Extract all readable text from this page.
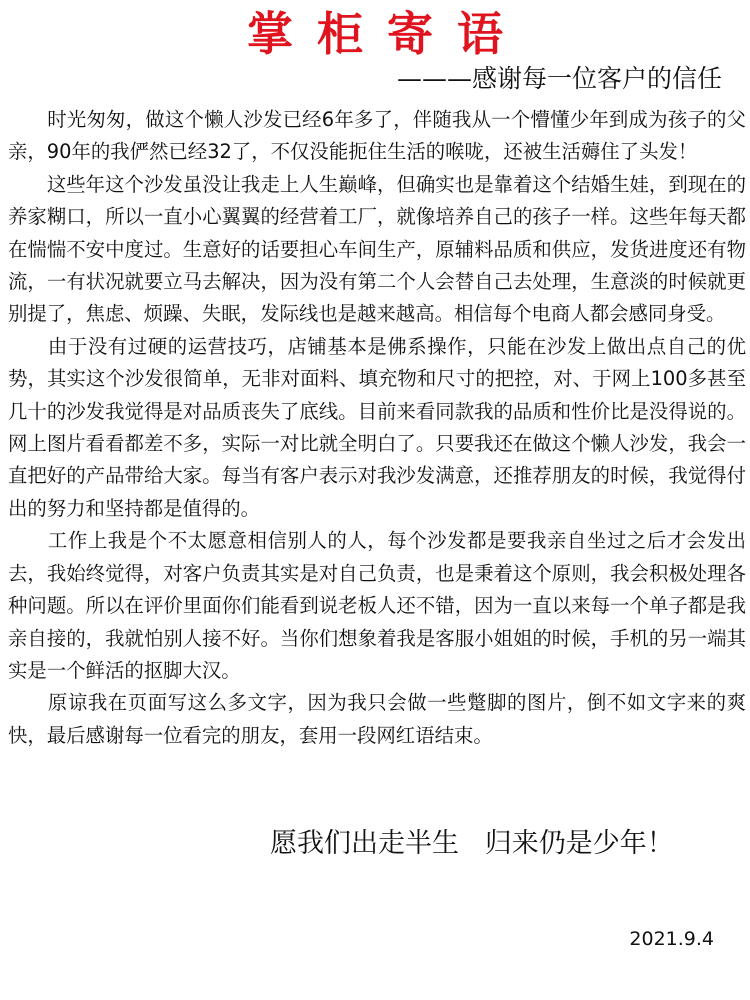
掌柜寄语
———感谢每一位客户的信任

　　时光匆匆，做这个懒人沙发已经6年多了，伴随我从一个懵懂少年到成为孩子的父亲，90年的我俨然已经32了，不仅没能扼住生活的喉咙，还被生活薅住了头发！

　　这些年这个沙发虽没让我走上人生巅峰，但确实也是靠着这个结婚生娃，到现在的养家糊口，所以一直小心翼翼的经营着工厂，就像培养自己的孩子一样。这些年每天都在惴惴不安中度过。生意好的话要担心车间生产，原辅料品质和供应，发货进度还有物流，一有状况就要立马去解决，因为没有第二个人会替自己去处理，生意淡的时候就更别提了，焦虑、烦躁、失眠，发际线也是越来越高。相信每个电商人都会感同身受。

　　由于没有过硬的运营技巧，店铺基本是佛系操作，只能在沙发上做出点自己的优势，其实这个沙发很简单，无非对面料、填充物和尺寸的把控，对、于网上100多甚至几十的沙发我觉得是对品质丧失了底线。目前来看同款我的品质和性价比是没得说的。网上图片看看都差不多，实际一对比就全明白了。只要我还在做这个懒人沙发，我会一直把好的产品带给大家。每当有客户表示对我沙发满意，还推荐朋友的时候，我觉得付出的努力和坚持都是值得的。

　　工作上我是个不太愿意相信别人的人，每个沙发都是要我亲自坐过之后才会发出去，我始终觉得，对客户负责其实是对自己负责，也是秉着这个原则，我会积极处理各种问题。所以在评价里面你们能看到说老板人还不错，因为一直以来每一个单子都是我亲自接的，我就怕别人接不好。当你们想象着我是客服小姐姐的时候，手机的另一端其实是一个鲜活的抠脚大汉。

　　原谅我在页面写这么多文字，因为我只会做一些蹩脚的图片，倒不如文字来的爽快，最后感谢每一位看完的朋友，套用一段网红语结束。

愿我们出走半生   归来仍是少年！
2021.9.4
